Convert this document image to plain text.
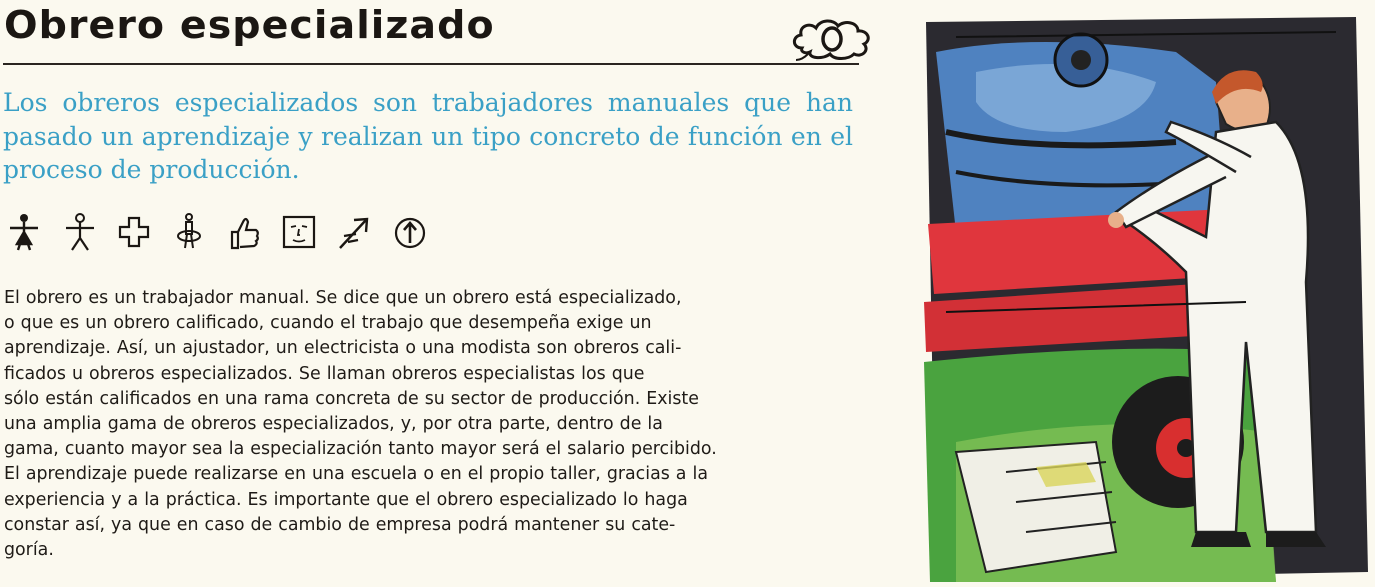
Obrero especializado
Los obreros especializados son trabajadores manuales que han pasado un aprendizaje y realizan un tipo concreto de función en el proceso de producción.
El obrero es un trabajador manual. Se dice que un obrero está especializado,
o que es un obrero calificado, cuando el trabajo que desempeña exige un
aprendizaje. Así, un ajustador, un electricista o una modista son obreros cali-
ficados u obreros especializados. Se llaman obreros especialistas los que
sólo están calificados en una rama concreta de su sector de producción. Existe
una amplia gama de obreros especializados, y, por otra parte, dentro de la
gama, cuanto mayor sea la especialización tanto mayor será el salario percibido.
El aprendizaje puede realizarse en una escuela o en el propio taller, gracias a la
experiencia y a la práctica. Es importante que el obrero especializado lo haga
constar así, ya que en caso de cambio de empresa podrá mantener su cate-
goría.
